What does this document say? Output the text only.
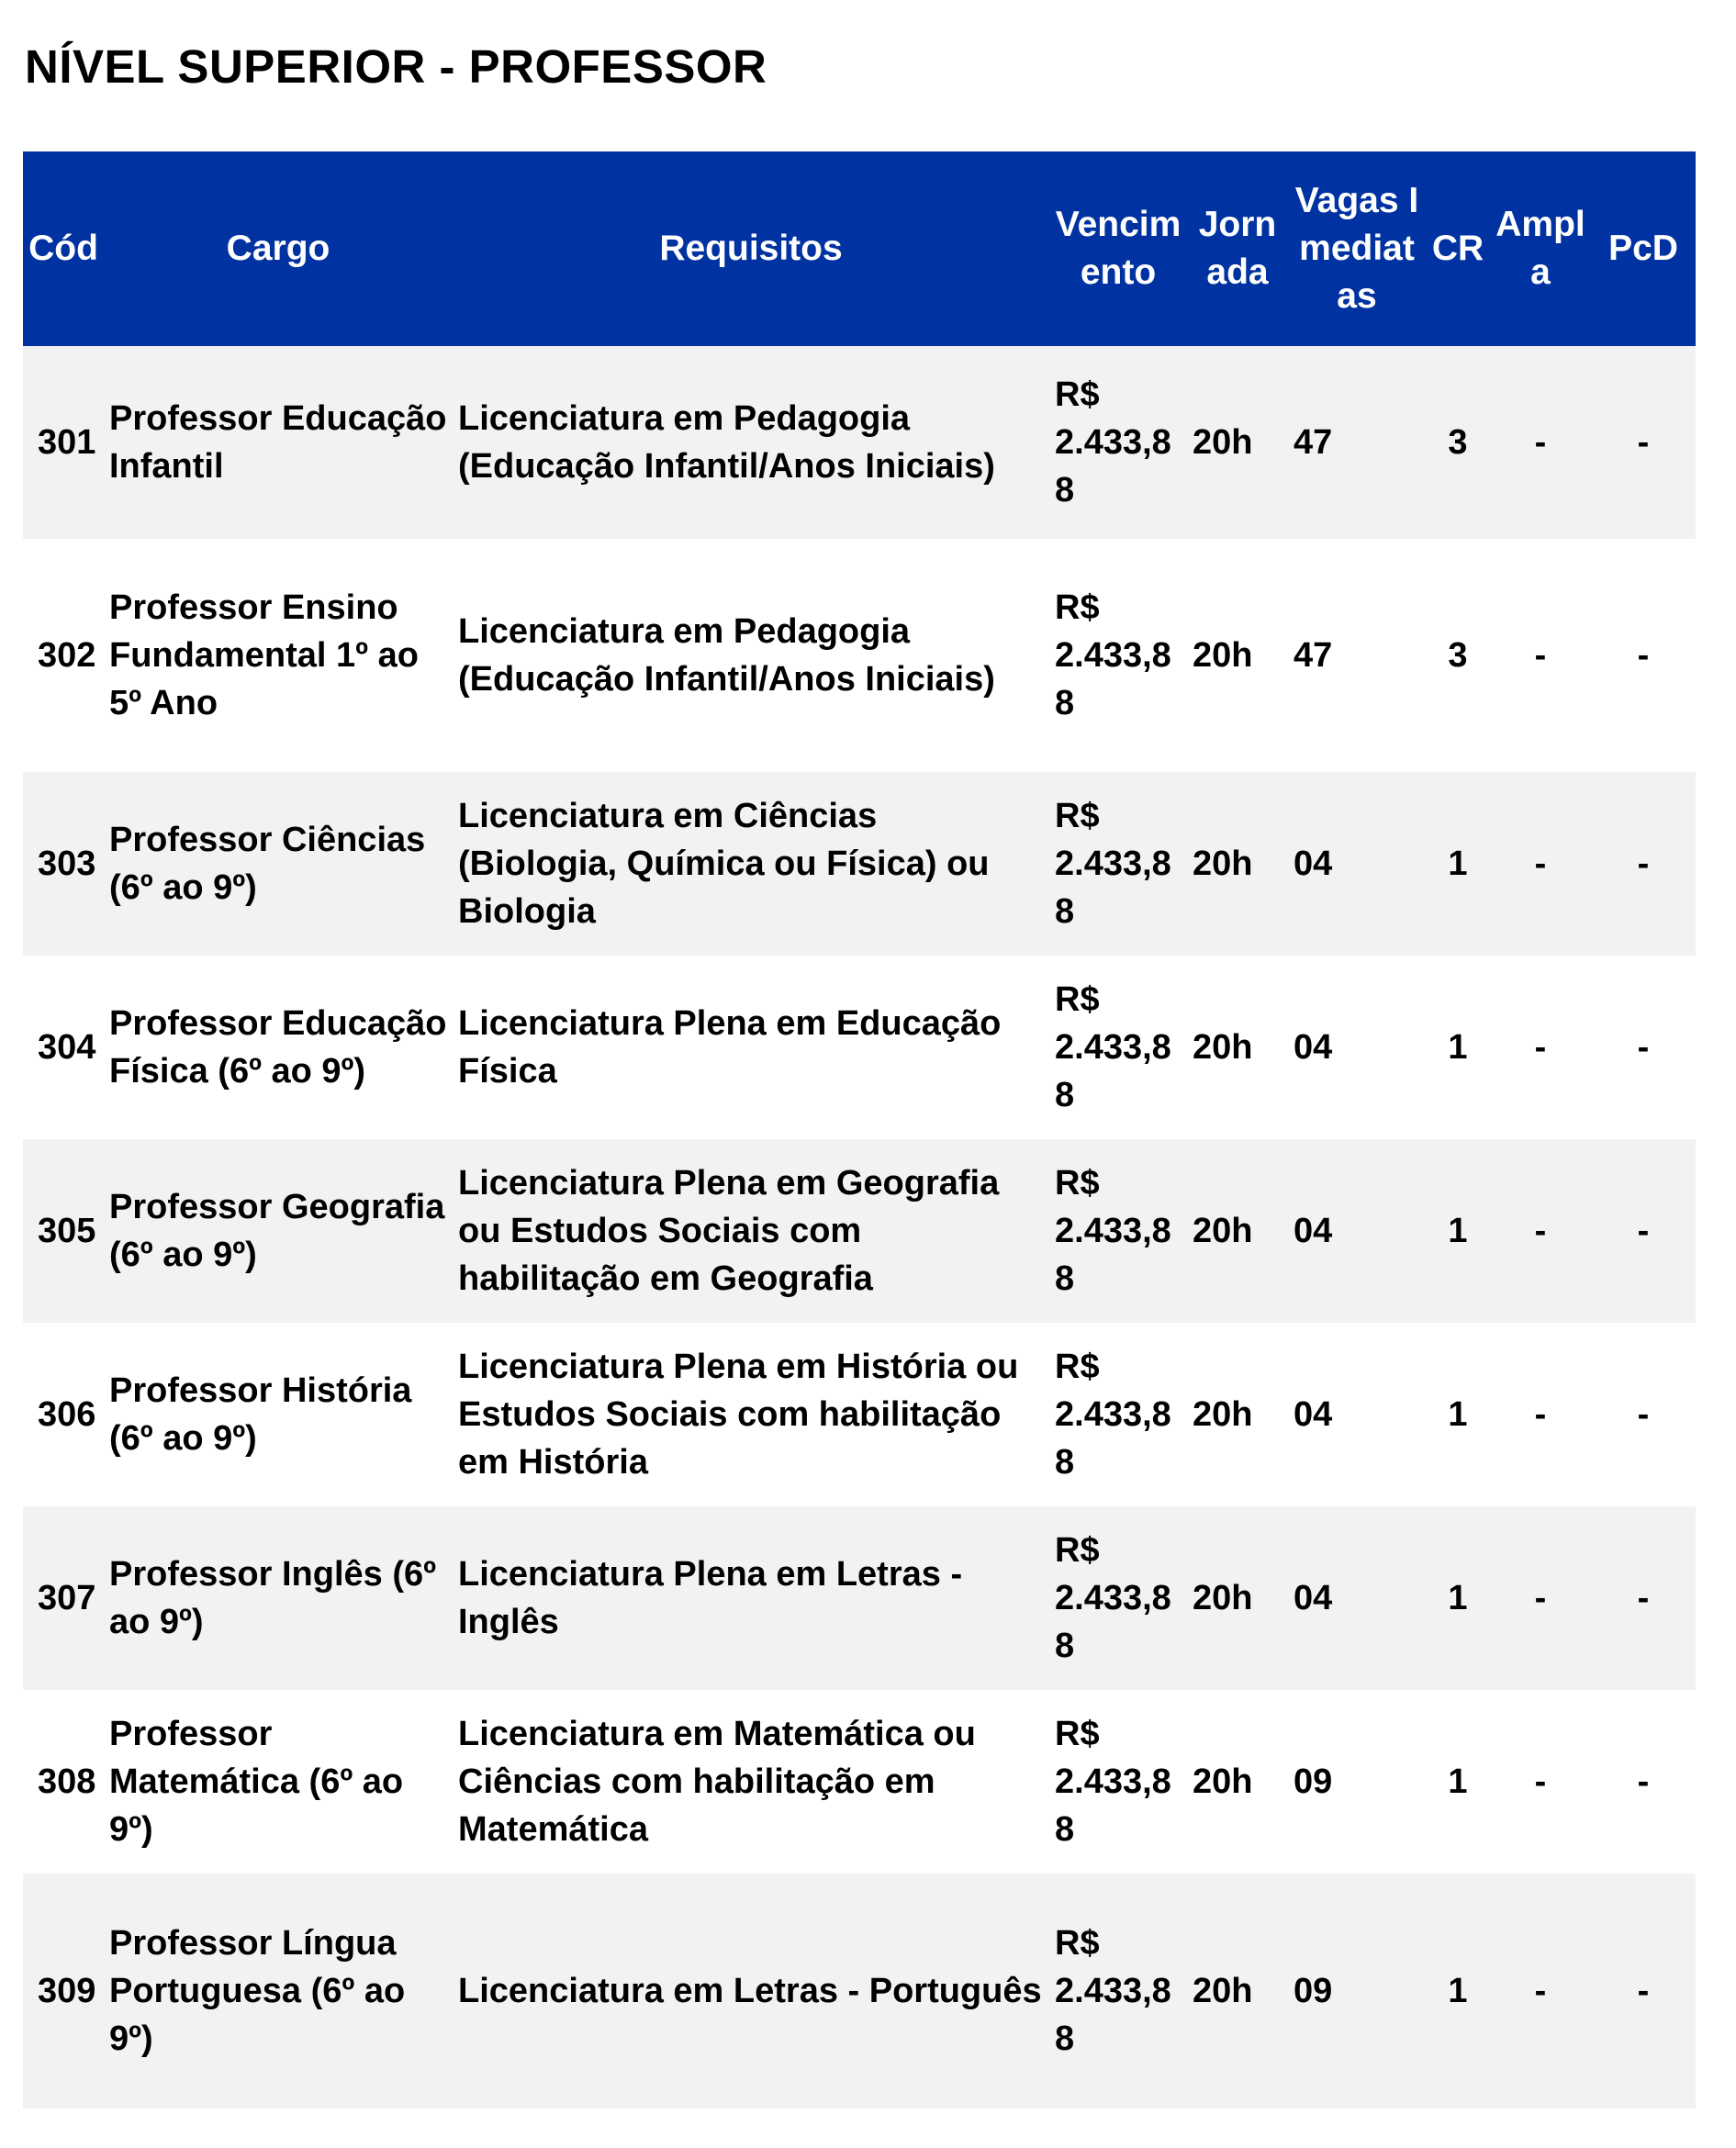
NÍVEL SUPERIOR - PROFESSOR
Cód	Cargo	Requisitos	Vencimento	Jornada	Vagas Imediatas	CR	Ampla	PcD
301	Professor Educação Infantil	Licenciatura em Pedagogia (Educação Infantil/Anos Iniciais)	R$ 2.433,88	20h	47	3	-	-
302	Professor Ensino Fundamental 1º ao 5º Ano	Licenciatura em Pedagogia (Educação Infantil/Anos Iniciais)	R$ 2.433,88	20h	47	3	-	-
303	Professor Ciências (6º ao 9º)	Licenciatura em Ciências (Biologia, Química ou Física) ou Biologia	R$ 2.433,88	20h	04	1	-	-
304	Professor Educação Física (6º ao 9º)	Licenciatura Plena em Educação Física	R$ 2.433,88	20h	04	1	-	-
305	Professor Geografia (6º ao 9º)	Licenciatura Plena em Geografia ou Estudos Sociais com habilitação em Geografia	R$ 2.433,88	20h	04	1	-	-
306	Professor História (6º ao 9º)	Licenciatura Plena em História ou Estudos Sociais com habilitação em História	R$ 2.433,88	20h	04	1	-	-
307	Professor Inglês (6º ao 9º)	Licenciatura Plena em Letras - Inglês	R$ 2.433,88	20h	04	1	-	-
308	Professor Matemática (6º ao 9º)	Licenciatura em Matemática ou Ciências com habilitação em Matemática	R$ 2.433,88	20h	09	1	-	-
309	Professor Língua Portuguesa (6º ao 9º)	Licenciatura em Letras - Português	R$ 2.433,88	20h	09	1	-	-
